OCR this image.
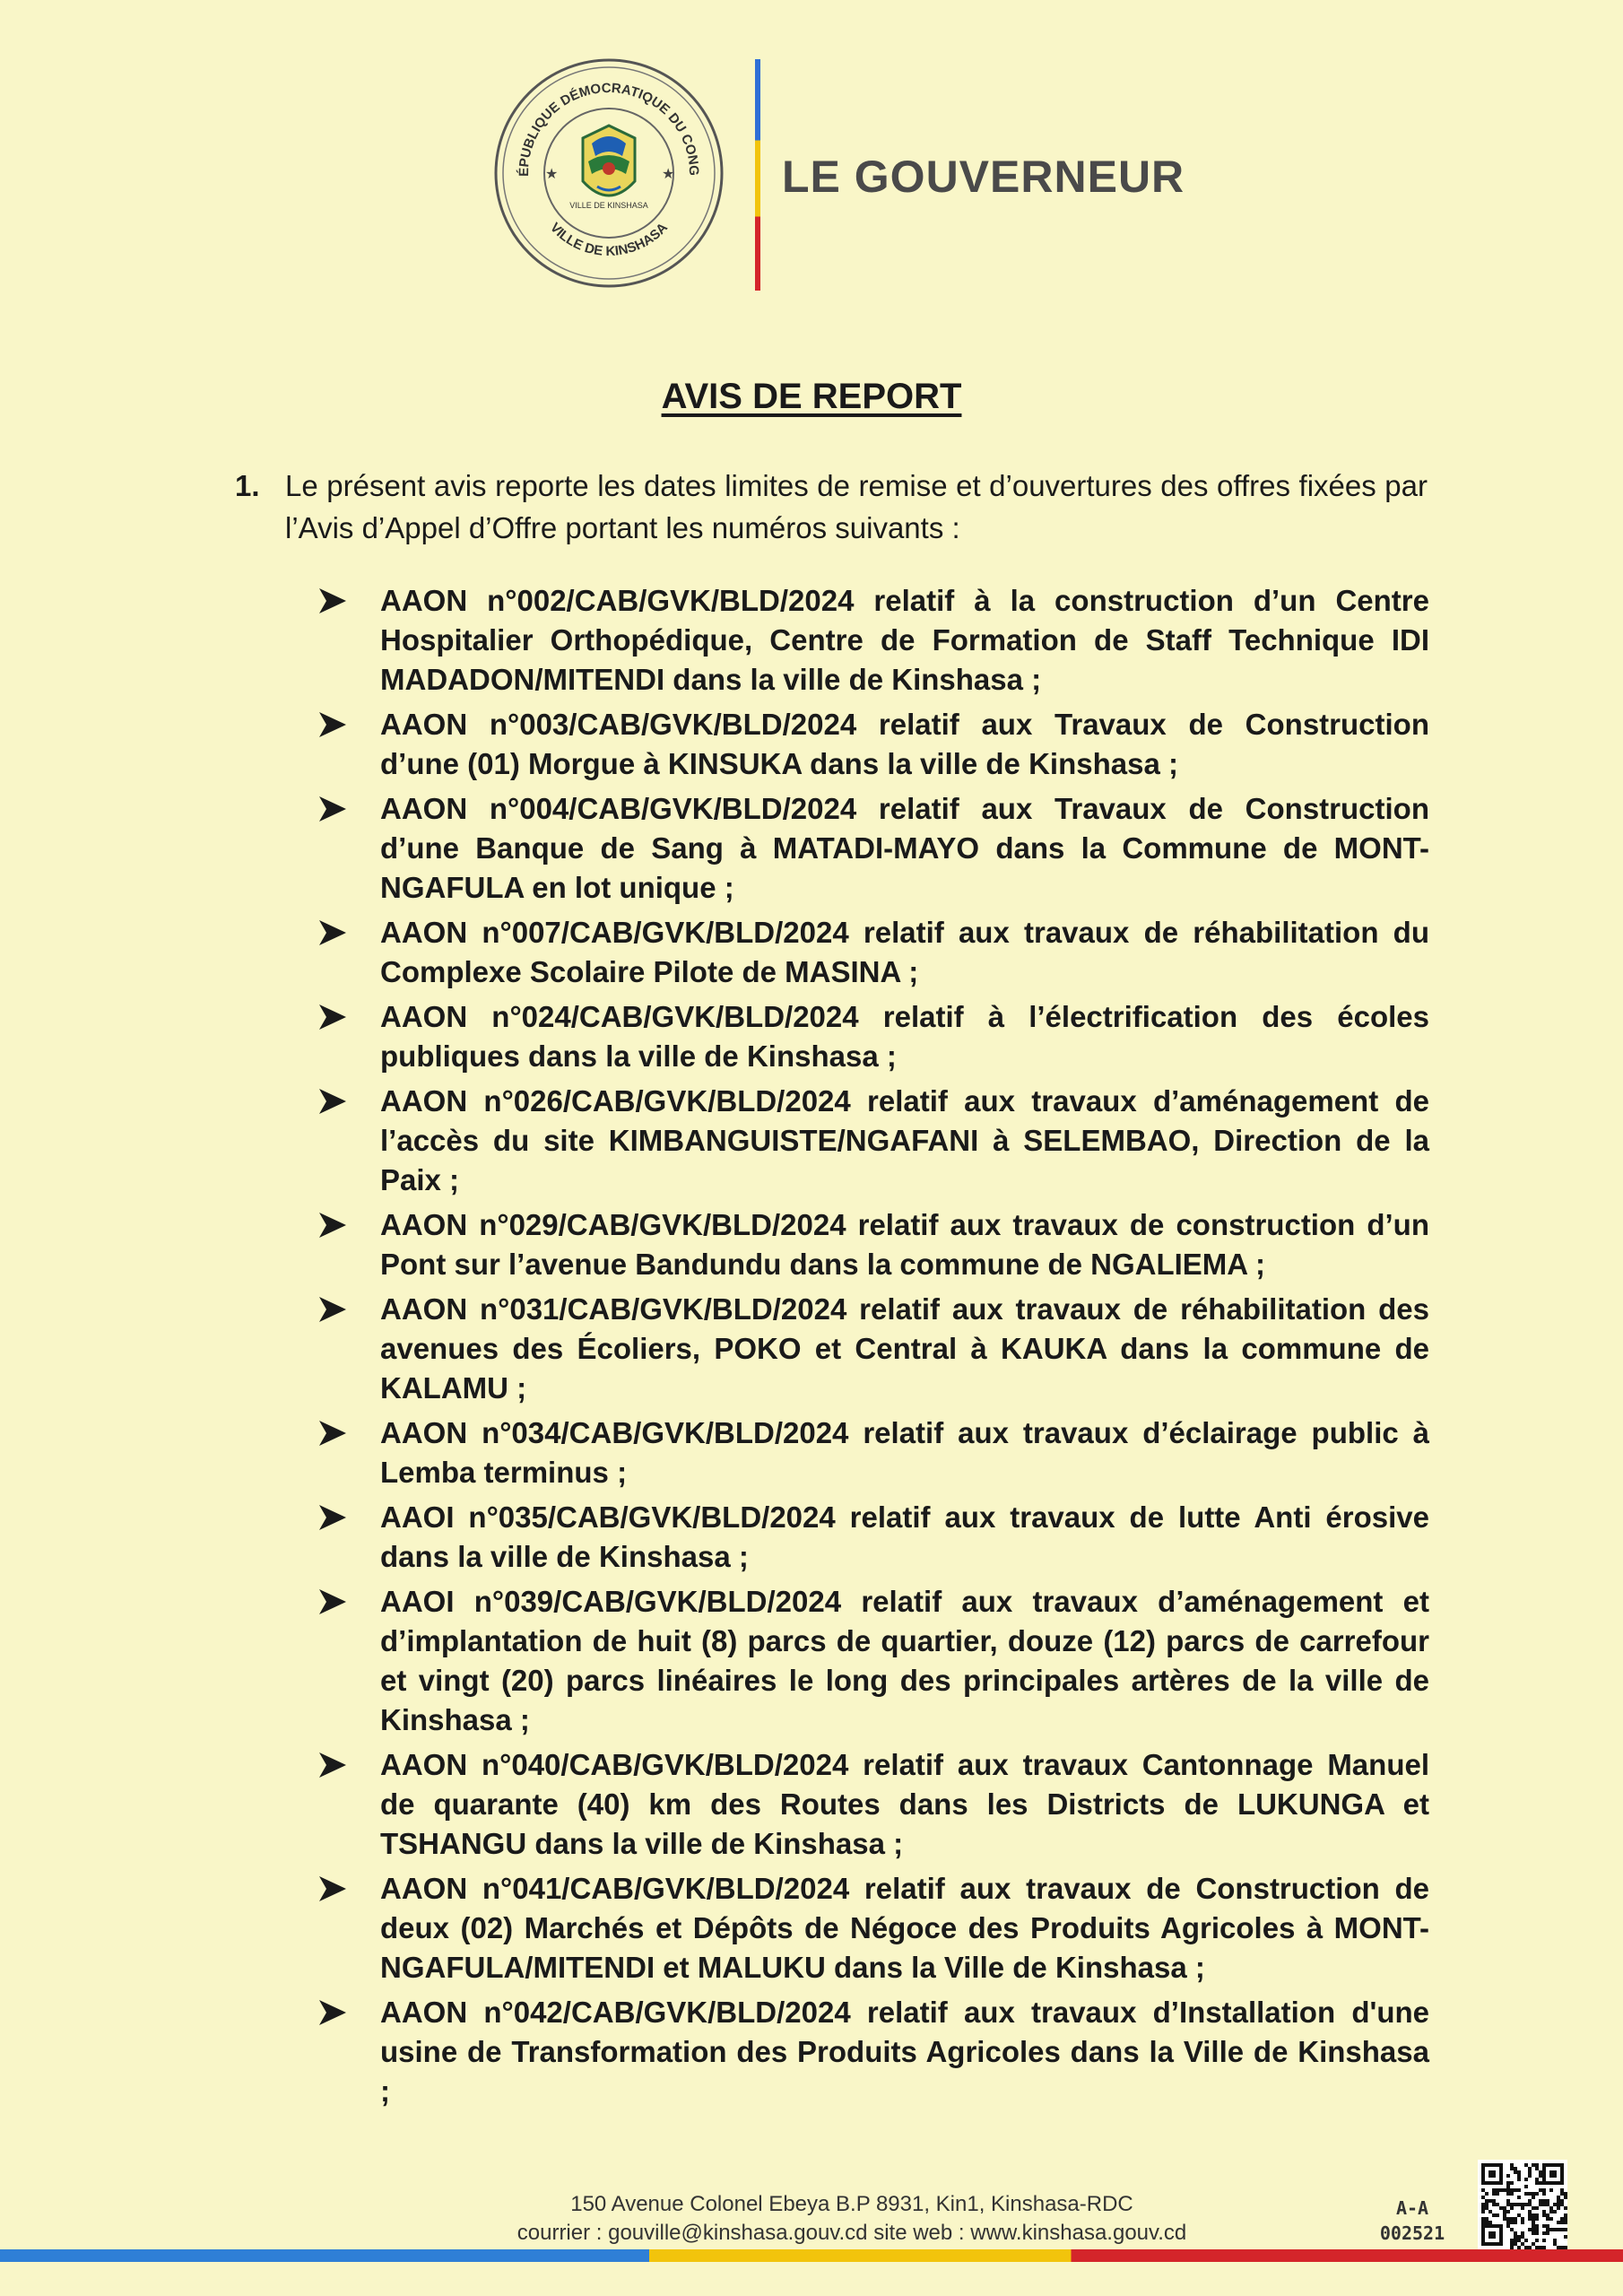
ÉPUBLIQUE DÉMOCRATIQUE DU CONG
VILLE DE KINSHASA
★	★
VILLE DE KINSHASA
LE GOUVERNEUR
AVIS DE REPORT
1. Le présent avis reporte les dates limites de remise et d’ouvertures des offres fixées par l’Avis d’Appel d’Offre portant les numéros suivants :
AAON n°002/CAB/GVK/BLD/2024 relatif à la construction d’un Centre Hospitalier Orthopédique, Centre de Formation de Staff Technique IDI MADADON/MITENDI dans la ville de Kinshasa ;
AAON n°003/CAB/GVK/BLD/2024 relatif aux Travaux de Construction d’une (01) Morgue à KINSUKA dans la ville de Kinshasa ;
AAON n°004/CAB/GVK/BLD/2024 relatif aux Travaux de Construction d’une Banque de Sang à MATADI-MAYO dans la Commune de MONT-NGAFULA en lot unique ;
AAON n°007/CAB/GVK/BLD/2024 relatif aux travaux de réhabilitation du Complexe Scolaire Pilote de MASINA ;
AAON n°024/CAB/GVK/BLD/2024 relatif à l’électrification des écoles publiques dans la ville de Kinshasa ;
AAON n°026/CAB/GVK/BLD/2024 relatif aux travaux d’aménagement de l’accès du site KIMBANGUISTE/NGAFANI à SELEMBAO, Direction de la Paix ;
AAON n°029/CAB/GVK/BLD/2024 relatif aux travaux de construction d’un Pont sur l’avenue Bandundu dans la commune de NGALIEMA ;
AAON n°031/CAB/GVK/BLD/2024 relatif aux travaux de réhabilitation des avenues des Écoliers, POKO et Central à KAUKA dans la commune de KALAMU ;
AAON n°034/CAB/GVK/BLD/2024 relatif aux travaux d’éclairage public à Lemba terminus ;
AAOI n°035/CAB/GVK/BLD/2024 relatif aux travaux de lutte Anti érosive dans la ville de Kinshasa ;
AAOI n°039/CAB/GVK/BLD/2024 relatif aux travaux d’aménagement et d’implantation de huit (8) parcs de quartier, douze (12) parcs de carrefour et vingt (20) parcs linéaires le long des principales artères de la ville de Kinshasa ;
AAON n°040/CAB/GVK/BLD/2024 relatif aux travaux Cantonnage Manuel de quarante (40) km des Routes dans les Districts de LUKUNGA et TSHANGU dans la ville de Kinshasa ;
AAON n°041/CAB/GVK/BLD/2024 relatif aux travaux de Construction de deux (02) Marchés et Dépôts de Négoce des Produits Agricoles à MONT-NGAFULA/MITENDI et MALUKU dans la Ville de Kinshasa ;
AAON n°042/CAB/GVK/BLD/2024 relatif aux travaux d’Installation d'une usine de Transformation des Produits Agricoles dans la Ville de Kinshasa ;
150 Avenue Colonel Ebeya B.P 8931, Kin1, Kinshasa-RDC
courrier : gouville@kinshasa.gouv.cd site web : www.kinshasa.gouv.cd
A-A
002521
